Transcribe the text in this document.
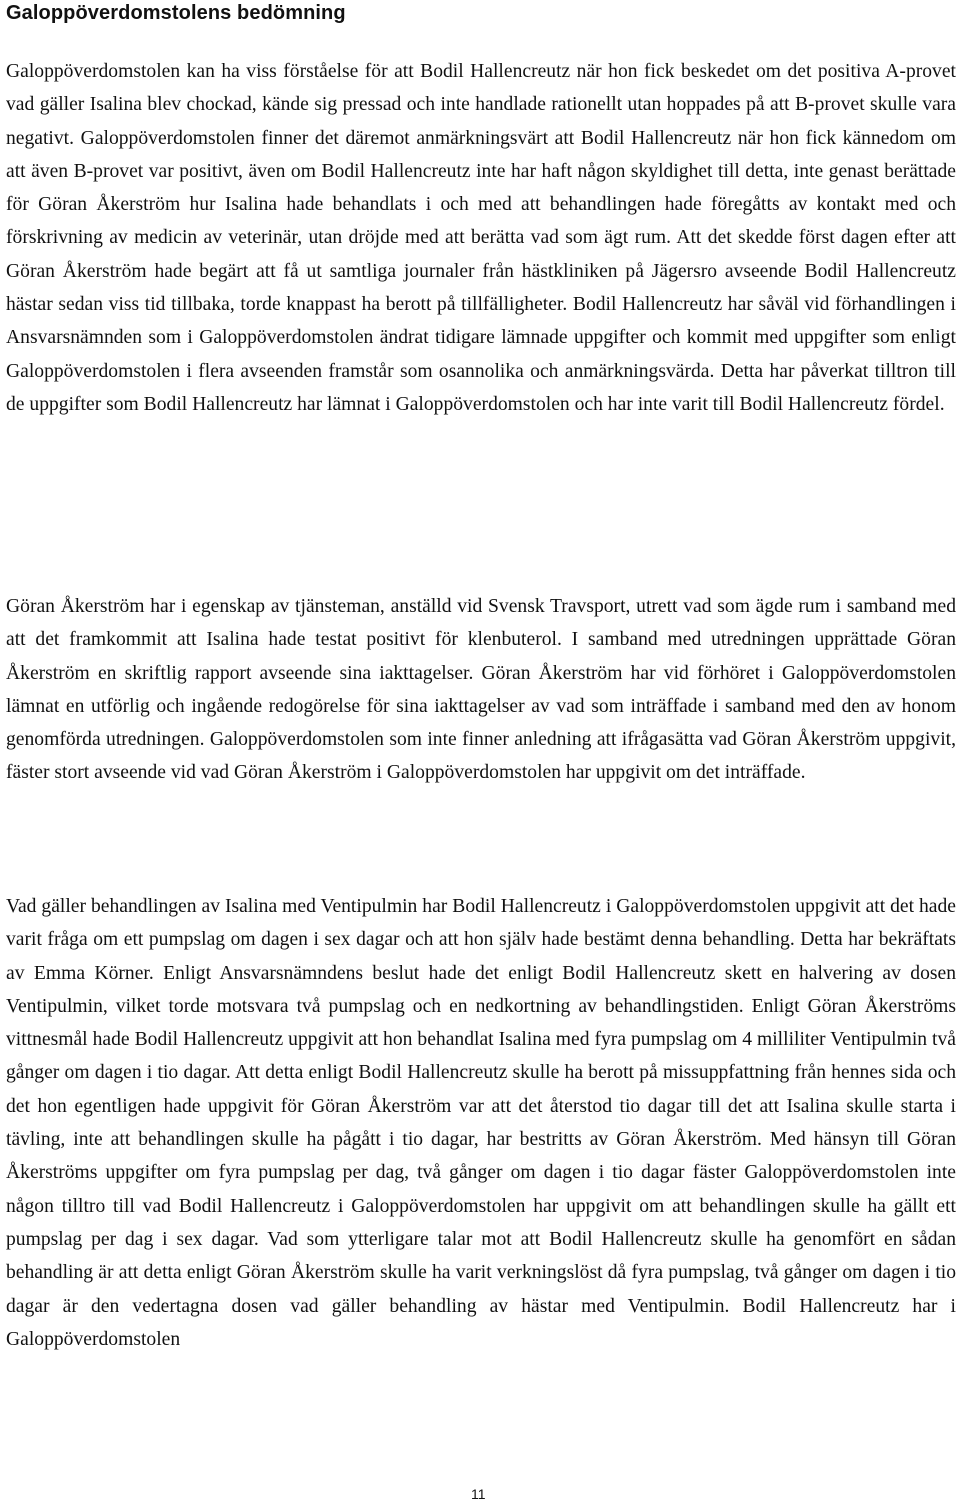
Galoppöverdomstolens bedömning

Galoppöverdomstolen kan ha viss förståelse för att Bodil Hallencreutz när hon fick beskedet om det positiva A-provet vad gäller Isalina blev chockad, kände sig pressad och inte handlade rationellt utan hoppades på att B-provet skulle vara negativt. Galoppöverdomstolen finner det däremot anmärkningsvärt att Bodil Hallencreutz när hon fick kännedom om att även B-provet var positivt, även om Bodil Hallencreutz inte har haft någon skyldighet till detta, inte genast berättade för Göran Åkerström hur Isalina hade behandlats i och med att behandlingen hade föregåtts av kontakt med och förskrivning av medicin av veterinär, utan dröjde med att berätta vad som ägt rum. Att det skedde först dagen efter att Göran Åkerström hade begärt att få ut samtliga journaler från hästkliniken på Jägersro avseende Bodil Hallencreutz hästar sedan viss tid tillbaka, torde knappast ha berott på tillfälligheter. Bodil Hallencreutz har såväl vid förhandlingen i Ansvarsnämnden som i Galoppöverdomstolen ändrat tidigare lämnade uppgifter och kommit med uppgifter som enligt Galoppöverdomstolen i flera avseenden framstår som osannolika och anmärkningsvärda. Detta har påverkat tilltron till de uppgifter som Bodil Hallencreutz har lämnat i Galoppöverdomstolen och har inte varit till Bodil Hallencreutz fördel.

Göran Åkerström har i egenskap av tjänsteman, anställd vid Svensk Travsport, utrett vad som ägde rum i samband med att det framkommit att Isalina hade testat positivt för klenbuterol. I samband med utredningen upprättade Göran Åkerström en skriftlig rapport avseende sina iakttagelser. Göran Åkerström har vid förhöret i Galoppöverdomstolen lämnat en utförlig och ingående redogörelse för sina iakttagelser av vad som inträffade i samband med den av honom genomförda utredningen. Galoppöverdomstolen som inte finner anledning att ifrågasätta vad Göran Åkerström uppgivit, fäster stort avseende vid vad Göran Åkerström i Galoppöverdomstolen har uppgivit om det inträffade.

Vad gäller behandlingen av Isalina med Ventipulmin har Bodil Hallencreutz i Galoppöverdomstolen uppgivit att det hade varit fråga om ett pumpslag om dagen i sex dagar och att hon själv hade bestämt denna behandling. Detta har bekräftats av Emma Körner. Enligt Ansvarsnämndens beslut hade det enligt Bodil Hallencreutz skett en halvering av dosen Ventipulmin, vilket torde motsvara två pumpslag och en nedkortning av behandlingstiden. Enligt Göran Åkerströms vittnesmål hade Bodil Hallencreutz uppgivit att hon behandlat Isalina med fyra pumpslag om 4 milliliter Ventipulmin två gånger om dagen i tio dagar. Att detta enligt Bodil Hallencreutz skulle ha berott på missuppfattning från hennes sida och det hon egentligen hade uppgivit för Göran Åkerström var att det återstod tio dagar till det att Isalina skulle starta i tävling, inte att behandlingen skulle ha pågått i tio dagar, har bestritts av Göran Åkerström. Med hänsyn till Göran Åkerströms uppgifter om fyra pumpslag per dag, två gånger om dagen i tio dagar fäster Galoppöverdomstolen inte någon tilltro till vad Bodil Hallencreutz i Galoppöverdomstolen har uppgivit om att behandlingen skulle ha gällt ett pumpslag per dag i sex dagar. Vad som ytterligare talar mot att Bodil Hallencreutz skulle ha genomfört en sådan behandling är att detta enligt Göran Åkerström skulle ha varit verkningslöst då fyra pumpslag, två gånger om dagen i tio dagar är den vedertagna dosen vad gäller behandling av hästar med Ventipulmin. Bodil Hallencreutz har i Galoppöverdomstolen

11
